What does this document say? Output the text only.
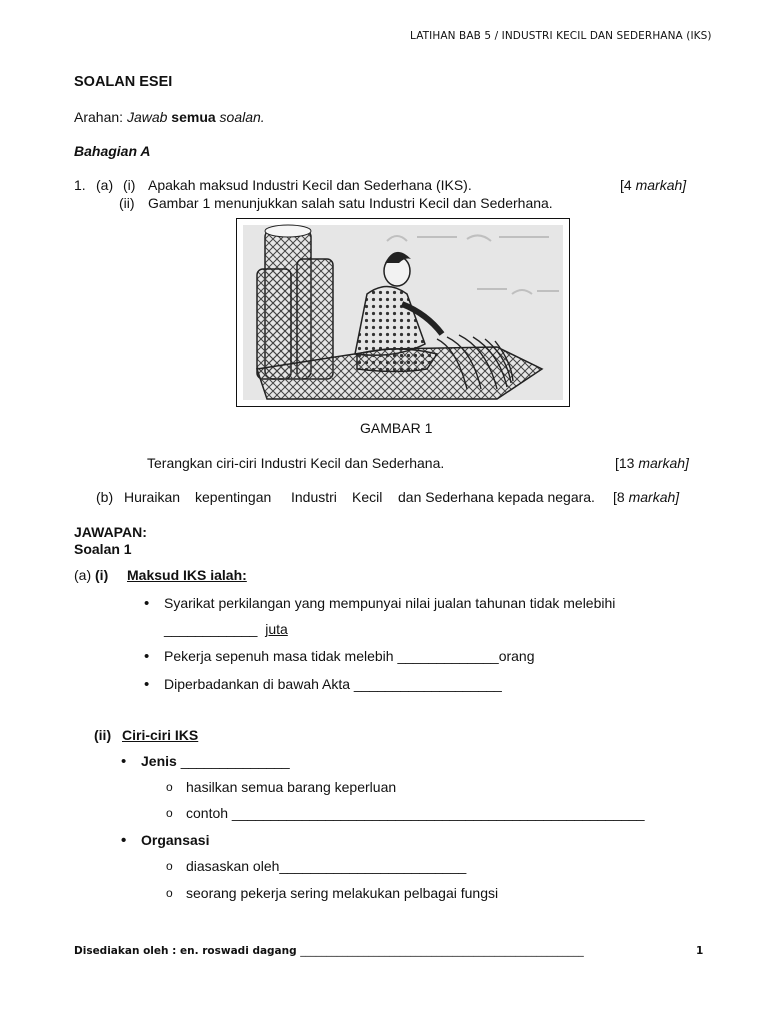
LATIHAN BAB 5 / INDUSTRI KECIL DAN SEDERHANA (IKS)
SOALAN ESEI
Arahan: Jawab semua soalan.
Bahagian A
1. (a) (i) Apakah maksud Industri Kecil dan Sederhana (IKS).	[4 markah]
(ii) Gambar 1 menunjukkan salah satu Industri Kecil dan Sederhana.
GAMBAR 1
Terangkan ciri-ciri Industri Kecil dan Sederhana.	[13 markah]
(b) Huraikan kepentingan Industri Kecil dan Sederhana kepada negara. [8 markah]
JAWAPAN:
Soalan 1
(a) (i) Maksud IKS ialah:
• Syarikat perkilangan yang mempunyai nilai jualan tahunan tidak melebihi
____________ juta
• Pekerja sepenuh masa tidak melebih _____________orang
• Diperbadankan di bawah Akta ___________________
(ii) Ciri-ciri IKS
• Jenis ______________
o hasilkan semua barang keperluan
o contoh _____________________________________________________
• Organsasi
o diasaskan oleh________________________
o seorang pekerja sering melakukan pelbagai fungsi
Disediakan oleh : en. roswadi dagang ______________________________________________________	1
